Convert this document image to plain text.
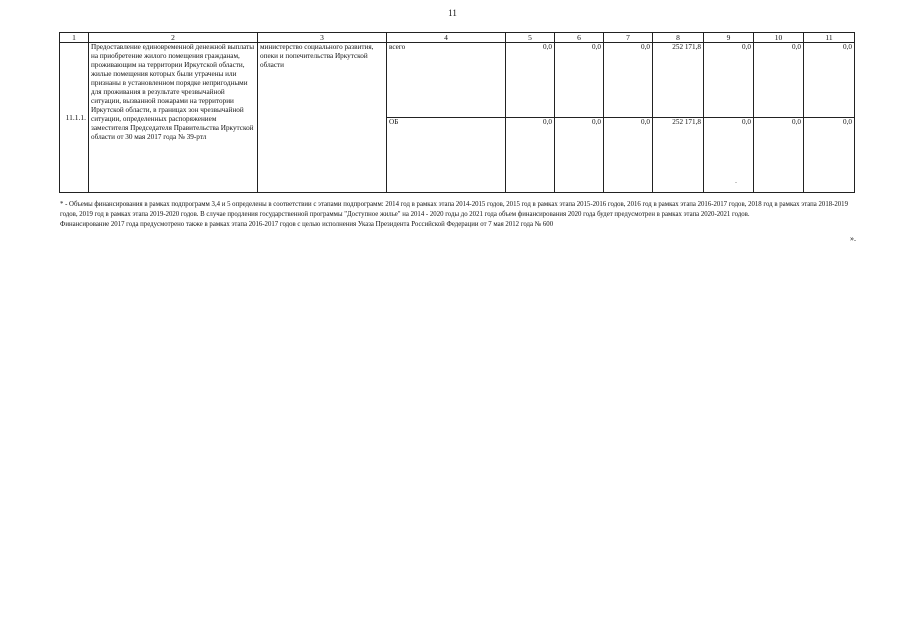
11
1	2	3	4	5	6	7	8	9	10	11
11.1.1.	Предоставление единовременной денежной выплаты на приобретение жилого помещения гражданам, проживающим на территории Иркутской области, жилые помещения которых были утрачены или признаны в установленном порядке непригодными для проживания в результате чрезвычайной ситуации, вызванной пожарами на территории Иркутской области, в границах зон чрезвычайной ситуации, определенных распоряжением заместителя Председателя Правительства Иркутской области от 30 мая 2017 года № 39-ртл	министерство социального развития, опеки и попечительства Иркутской области	всего	0,0	0,0	0,0	252 171,8	0,0	0,0	0,0
			ОБ	0,0	0,0	0,0	252 171,8	0,0	0,0	0,0
-

* - Объемы финансирования в рамках подпрограмм 3,4 и 5 определены в соответствии с этапами подпрограмм: 2014 год в рамках этапа 2014-2015 годов, 2015 год в рамках этапа 2015-2016 годов, 2016 год в рамках этапа 2016-2017 годов, 2018 год в рамках этапа 2018-2019 годов, 2019 год в рамках этапа 2019-2020 годов. В случае продления государственной программы "Доступное жилье" на 2014 - 2020 годы до 2021 года объем финансирования 2020 года будет предусмотрен в рамках этапа 2020-2021 годов.

Финансирование 2017 года предусмотрено также в рамках этапа 2016-2017 годов с целью исполнения Указа Президента Российской Федерации от 7 мая 2012 года № 600

».
